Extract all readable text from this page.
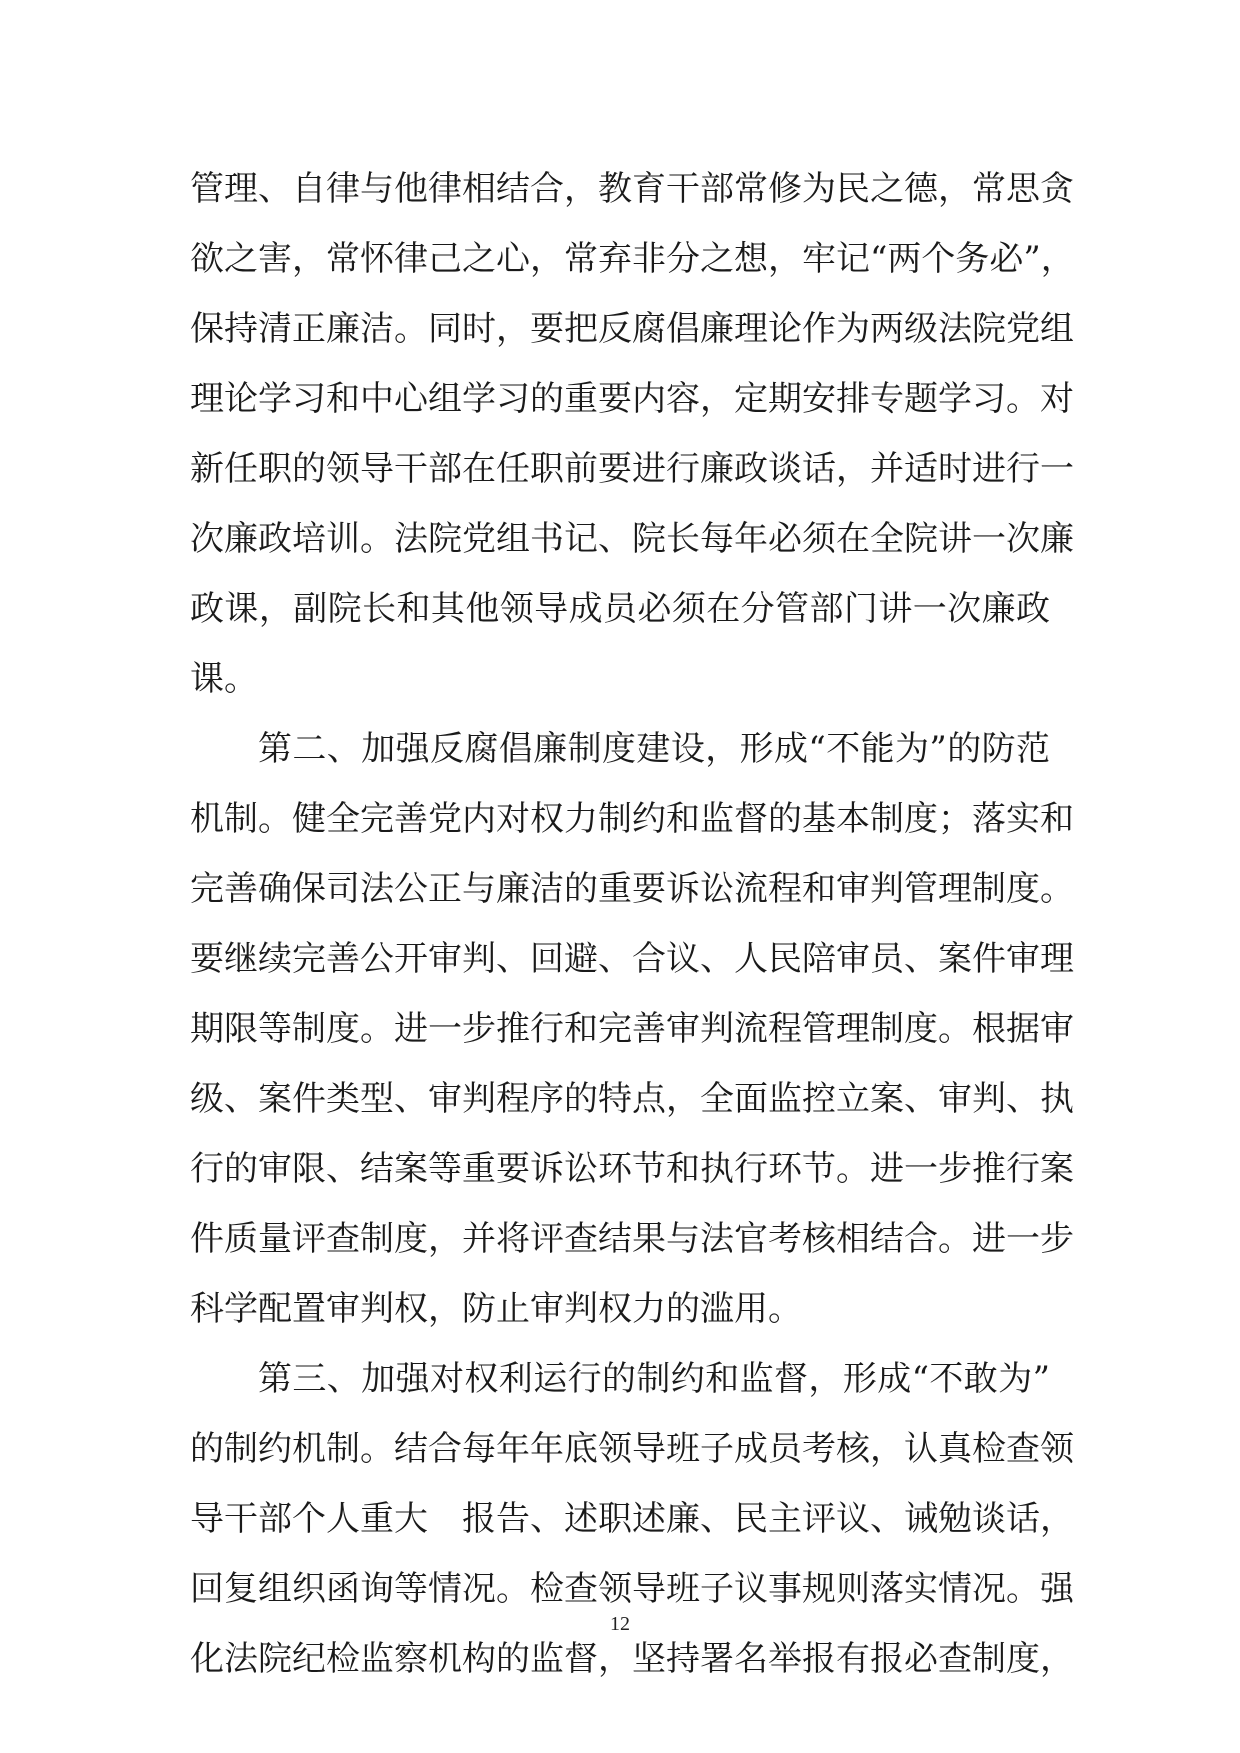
管理、自律与他律相结合，教育干部常修为民之德，常思贪
欲之害，常怀律己之心，常弃非分之想，牢记“两个务必”，
保持清正廉洁。同时，要把反腐倡廉理论作为两级法院党组
理论学习和中心组学习的重要内容，定期安排专题学习。对
新任职的领导干部在任职前要进行廉政谈话，并适时进行一
次廉政培训。法院党组书记、院长每年必须在全院讲一次廉
政课，副院长和其他领导成员必须在分管部门讲一次廉政
课。
第二、加强反腐倡廉制度建设，形成“不能为”的防范
机制。健全完善党内对权力制约和监督的基本制度；落实和
完善确保司法公正与廉洁的重要诉讼流程和审判管理制度。
要继续完善公开审判、回避、合议、人民陪审员、案件审理
期限等制度。进一步推行和完善审判流程管理制度。根据审
级、案件类型、审判程序的特点，全面监控立案、审判、执
行的审限、结案等重要诉讼环节和执行环节。进一步推行案
件质量评查制度，并将评查结果与法官考核相结合。进一步
科学配置审判权，防止审判权力的滥用。
第三、加强对权利运行的制约和监督，形成“不敢为”
的制约机制。结合每年年底领导班子成员考核，认真检查领
导干部个人重大　报告、述职述廉、民主评议、诫勉谈话，
回复组织函询等情况。检查领导班子议事规则落实情况。强
化法院纪检监察机构的监督，坚持署名举报有报必查制度，
12
